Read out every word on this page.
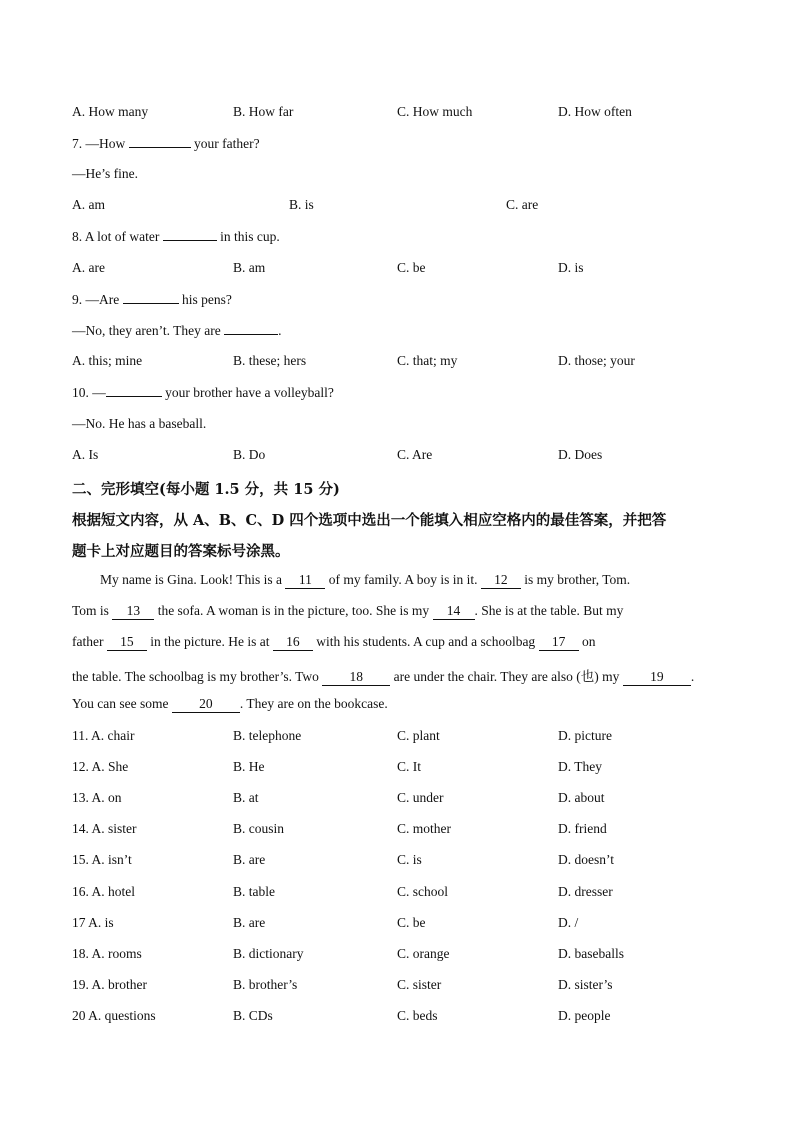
A. How many	B. How far	C. How much	D. How often
7. —How	your father?
—He’s fine.
A. am	B. is	C. are
8. A lot of water	in this cup.
A. are	B. am	C. be	D. is
9. —Are	his pens?
—No, they aren’t. They are	.
A. this; mine	B. these; hers	C. that; my	D. those; your
10. —	your brother have a volleyball?
—No. He has a baseball.
A. Is	B. Do	C. Are	D. Does
二、完形填空(每小题 1.5 分，共 15 分)
根据短文内容，从 A、B、C、D 四个选项中选出一个能填入相应空格内的最佳答案，并把答
题卡上对应题目的答案标号涂黑。
My name is Gina. Look! This is a 11 of my family. A boy is in it. 12 is my brother, Tom.
Tom is 13 the sofa. A woman is in the picture, too. She is my 14 . She is at the table. But my
father 15 in the picture. He is at 16 with his students. A cup and a schoolbag 17 on
the table. The schoolbag is my brother’s. Two 18 are under the chair. They are also (也) my 19 .
You can see some 20 . They are on the bookcase.
11. A. chair	B. telephone	C. plant	D. picture
12. A. She	B. He	C. It	D. They
13. A. on	B. at	C. under	D. about
14. A. sister	B. cousin	C. mother	D. friend
15. A. isn’t	B. are	C. is	D. doesn’t
16. A. hotel	B. table	C. school	D. dresser
17 A. is	B. are	C. be	D. /
18. A. rooms	B. dictionary	C. orange	D. baseballs
19. A. brother	B. brother’s	C. sister	D. sister’s
20 A. questions	B. CDs	C. beds	D. people
